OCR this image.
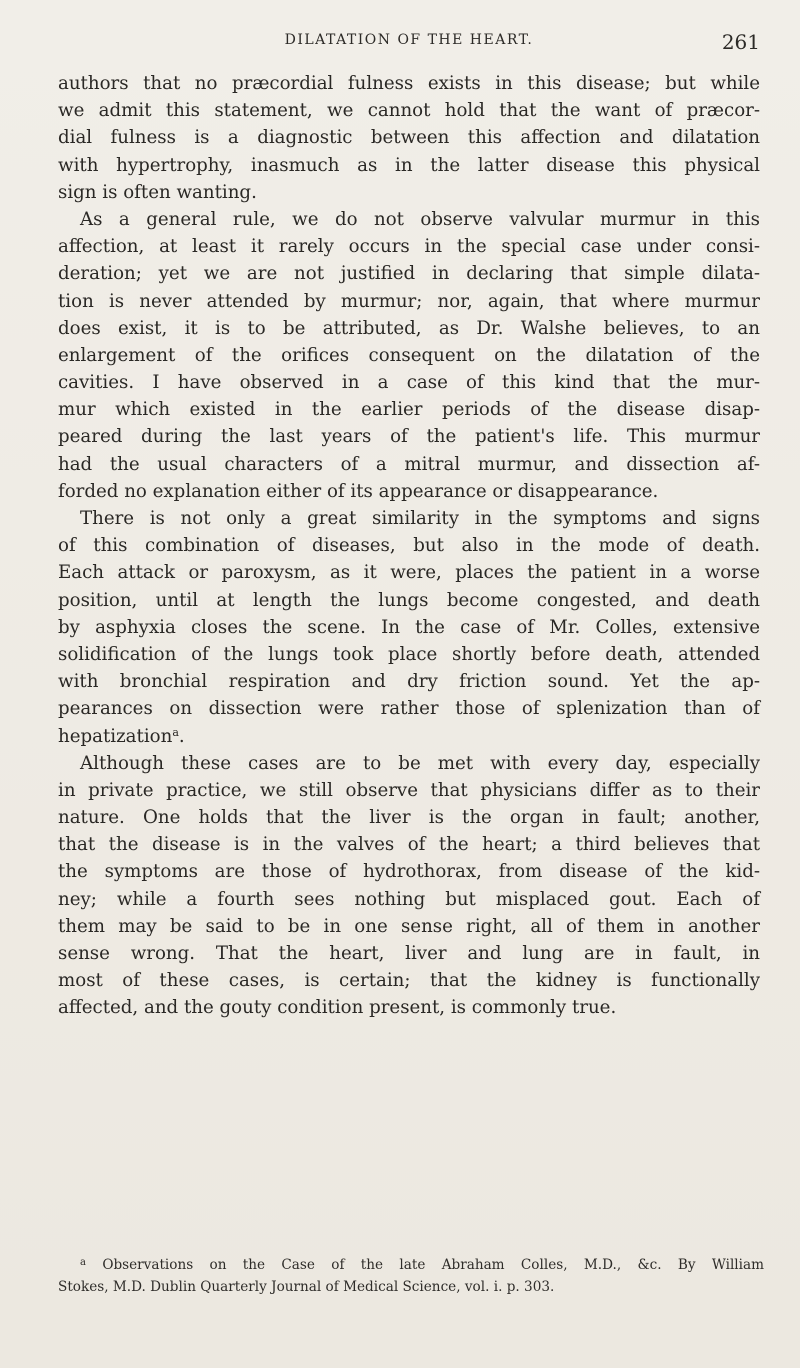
DILATATION OF THE HEART.	261
authors that no præcordial fulness exists in this disease; but while
we admit this statement, we cannot hold that the want of præcor-
dial fulness is a diagnostic between this affection and dilatation
with hypertrophy, inasmuch as in the latter disease this physical
sign is often wanting.
As a general rule, we do not observe valvular murmur in this
affection, at least it rarely occurs in the special case under consi-
deration; yet we are not justified in declaring that simple dilata-
tion is never attended by murmur; nor, again, that where murmur
does exist, it is to be attributed, as Dr. Walshe believes, to an
enlargement of the orifices consequent on the dilatation of the
cavities. I have observed in a case of this kind that the mur-
mur which existed in the earlier periods of the disease disap-
peared during the last years of the patient's life. This murmur
had the usual characters of a mitral murmur, and dissection af-
forded no explanation either of its appearance or disappearance.
There is not only a great similarity in the symptoms and signs
of this combination of diseases, but also in the mode of death.
Each attack or paroxysm, as it were, places the patient in a worse
position, until at length the lungs become congested, and death
by asphyxia closes the scene. In the case of Mr. Colles, extensive
solidification of the lungs took place shortly before death, attended
with bronchial respiration and dry friction sound. Yet the ap-
pearances on dissection were rather those of splenization than of
hepatization$^a$.
Although these cases are to be met with every day, especially
in private practice, we still observe that physicians differ as to their
nature. One holds that the liver is the organ in fault; another,
that the disease is in the valves of the heart; a third believes that
the symptoms are those of hydrothorax, from disease of the kid-
ney; while a fourth sees nothing but misplaced gout. Each of
them may be said to be in one sense right, all of them in another
sense wrong. That the heart, liver and lung are in fault, in
most of these cases, is certain; that the kidney is functionally
affected, and the gouty condition present, is commonly true.
$^a$ Observations on the Case of the late Abraham Colles, M.D., &c. By William
Stokes, M.D. Dublin Quarterly Journal of Medical Science, vol. i. p. 303.
